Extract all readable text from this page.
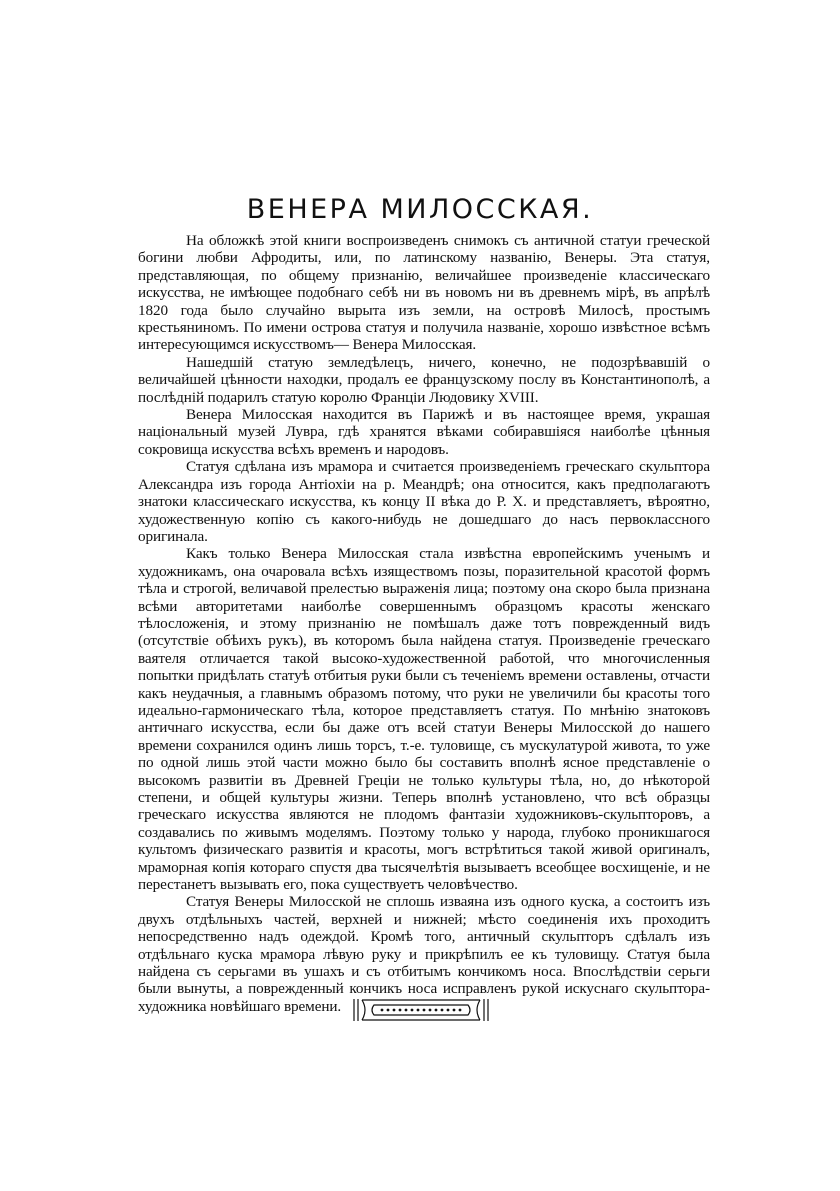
ВЕНЕРА МИЛОССКАЯ.

На обложкѣ этой книги воспроизведенъ снимокъ съ античной статуи греческой богини любви Афродиты, или, по латинскому названію, Венеры. Эта статуя, представляющая, по общему признанію, величайшее произведеніе классическаго искусства, не имѣющее подобнаго себѣ ни въ новомъ ни въ древнемъ мірѣ, въ апрѣлѣ 1820 года было случайно вырыта изъ земли, на островѣ Милосѣ, простымъ крестьяниномъ. По имени острова статуя и получила названіе, хорошо извѣстное всѣмъ интересующимся искусствомъ— Венера Милосская.

Нашедшій статую земледѣлецъ, ничего, конечно, не подозрѣвавшій о величайшей цѣнности находки, продалъ ее французскому послу въ Константинополѣ, а послѣдній подарилъ статую королю Франціи Людовику XVIII.

Венера Милосская находится въ Парижѣ и въ настоящее время, украшая національный музей Лувра, гдѣ хранятся вѣками собиравшіяся наиболѣе цѣнныя сокровища искусства всѣхъ временъ и народовъ.

Статуя сдѣлана изъ мрамора и считается произведеніемъ греческаго скульптора Александра изъ города Антіохіи на р. Меандрѣ; она относится, какъ предполагаютъ знатоки классическаго искусства, къ концу II вѣка до Р. Х. и представляетъ, вѣроятно, художественную копію съ какого-нибудь не дошедшаго до насъ первоклассного оригинала.

Какъ только Венера Милосская стала извѣстна европейскимъ ученымъ и художникамъ, она очаровала всѣхъ изяществомъ позы, поразительной красотой формъ тѣла и строгой, величавой прелестью выраженія лица; поэтому она скоро была признана всѣми авторитетами наиболѣе совершеннымъ образцомъ красоты женскаго тѣлосложенія, и этому признанію не помѣшалъ даже тотъ поврежденный видъ (отсутствіе обѣихъ рукъ), въ которомъ была найдена статуя. Произведеніе греческаго ваятеля отличается такой высоко-художественной работой, что многочисленныя попытки придѣлать статуѣ отбитыя руки были съ теченіемъ времени оставлены, отчасти какъ неудачныя, а главнымъ образомъ потому, что руки не увеличили бы красоты того идеально-гармоническаго тѣла, которое представляетъ статуя. По мнѣнію знатоковъ античнаго искусства, если бы даже отъ всей статуи Венеры Милосской до нашего времени сохранился одинъ лишь торсъ, т.-е. туловище, съ мускулатурой живота, то уже по одной лишь этой части можно было бы составить вполнѣ ясное представленіе о высокомъ развитіи въ Древней Греціи не только культуры тѣла, но, до нѣкоторой степени, и общей культуры жизни. Теперь вполнѣ установлено, что всѣ образцы греческаго искусства являются не плодомъ фантазіи художниковъ-скульпторовъ, а создавались по живымъ моделямъ. Поэтому только у народа, глубоко проникшагося культомъ физическаго развитія и красоты, могъ встрѣтиться такой живой оригиналъ, мраморная копія котораго спустя два тысячелѣтія вызываетъ всеобщее восхищеніе, и не перестанетъ вызывать его, пока существуетъ человѣчество.

Статуя Венеры Милосской не сплошь изваяна изъ одного куска, а состоитъ изъ двухъ отдѣльныхъ частей, верхней и нижней; мѣсто соединенія ихъ проходитъ непосредственно надъ одеждой. Кромѣ того, античный скульпторъ сдѣлалъ изъ отдѣльнаго куска мрамора лѣвую руку и прикрѣпилъ ее къ туловищу. Статуя была найдена съ серьгами въ ушахъ и съ отбитымъ кончикомъ носа. Впослѣдствіи серьги были вынуты, а поврежденный кончикъ носа исправленъ рукой искуснаго скульптора-художника новѣйшаго времени.
